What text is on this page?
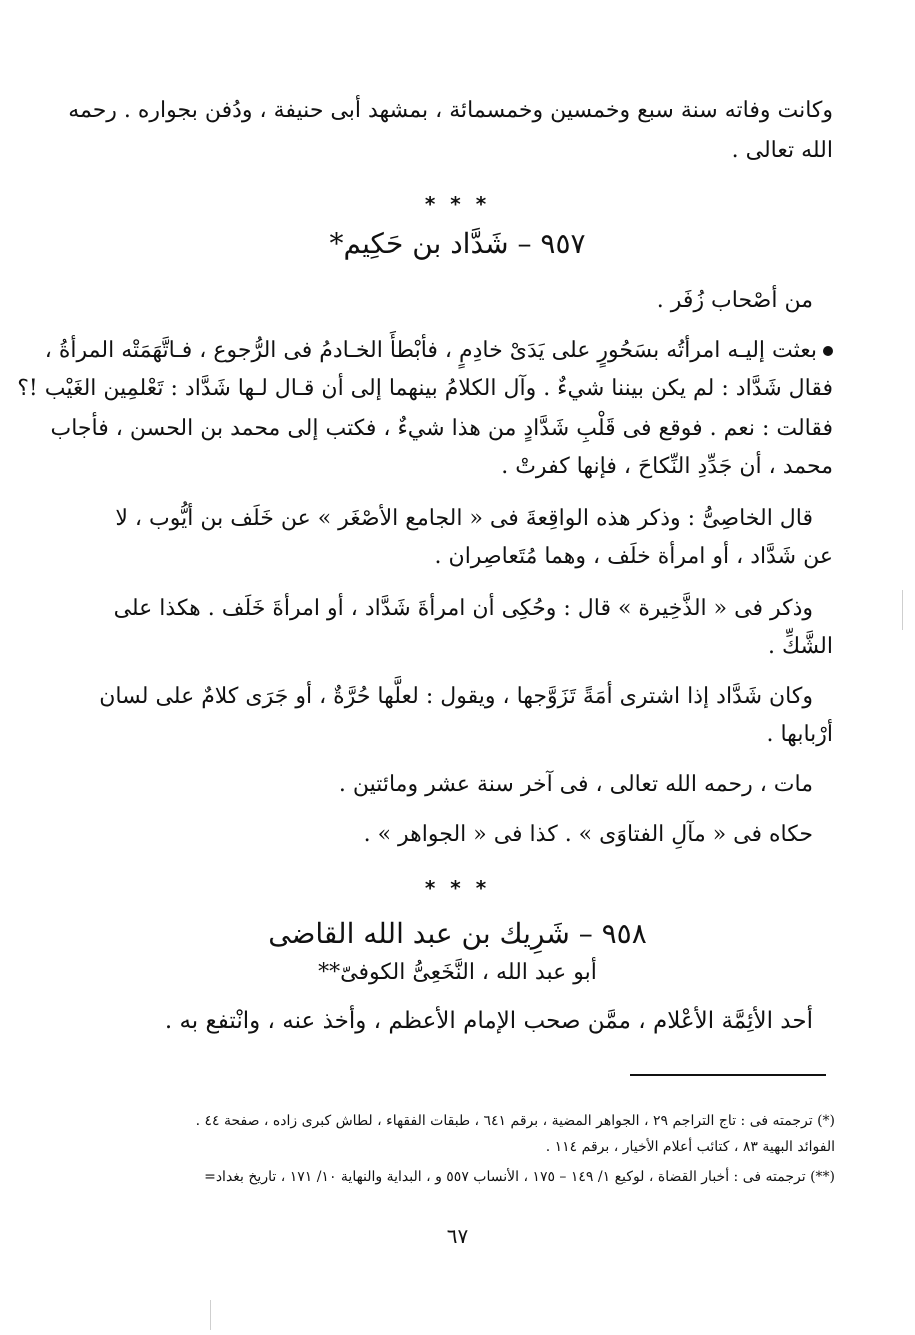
وكانت وفاته سنة سبع وخمسين وخمسمائة ، بمشهد أبى حنيفة ، ودُفن بجواره . رحمه
الله تعالى .
* * *
٩٥٧ – شَدَّاد بن حَكِيم*
من أصْحاب زُفَر .
بعثت إليـه امرأتُه بسَحُورٍ على يَدَىْ خادِمٍ ، فأبْطأَ الخـادمُ فى الرُّجوع ، فـاتَّهَمَتْه المرأةُ ،
فقال شَدَّاد : لم يكن بيننا شيءٌ . وآل الكلامُ بينهما إلى أن قـال لـها شَدَّاد : تَعْلمِين الغَيْب !؟
فقالت : نعم . فوقع فى قَلْبِ شَدَّادٍ من هذا شيءٌ ، فكتب إلى محمد بن الحسن ، فأجاب
محمد ، أن جَدِّدِ النِّكاحَ ، فإنها كفرتْ .
قال الخاصِىُّ : وذكر هذه الواقِعةَ فى « الجامع الأصْغَر » عن خَلَف بن أيُّوب ، لا
عن شَدَّاد ، أو امرأة خلَف ، وهما مُتَعاصِران .
وذكر فى « الذَّخِيرة » قال : وحُكِى أن امرأةَ شَدَّاد ، أو امرأةَ خَلَف . هكذا على
الشَّكِّ .
وكان شَدَّاد إذا اشترى أمَةً تَزَوَّجها ، ويقول : لعلَّها حُرَّةٌ ، أو جَرَى كلامٌ على لسان
أرْبابها .
مات ، رحمه الله تعالى ، فى آخر سنة عشر ومائتين .
حكاه فى « مآلِ الفتاوَى » . كذا فى « الجواهر » .
* * *
٩٥٨ – شَرِيك بن عبد الله القاضى
أبو عبد الله ، النَّخَعِىُّ الكوفىّ**
أحد الأئِمَّة الأعْلام ، ممَّن صحب الإمام الأعظم ، وأخذ عنه ، وانْتفع به .
(*) ترجمته فى : تاج التراجم ٢٩ ، الجواهر المضية ، برقم ٦٤١ ، طبقات الفقهاء ، لطاش كبرى زاده ، صفحة ٤٤ .
الفوائد البهية ٨٣ ، كتائب أعلام الأخيار ، برقم ١١٤ .
(**) ترجمته فى : أخبار القضاة ، لوكيع ١/ ١٤٩ – ١٧٥ ، الأنساب ٥٥٧ و ، البداية والنهاية ١٠/ ١٧١ ، تاريخ بغداد=
٦٧
